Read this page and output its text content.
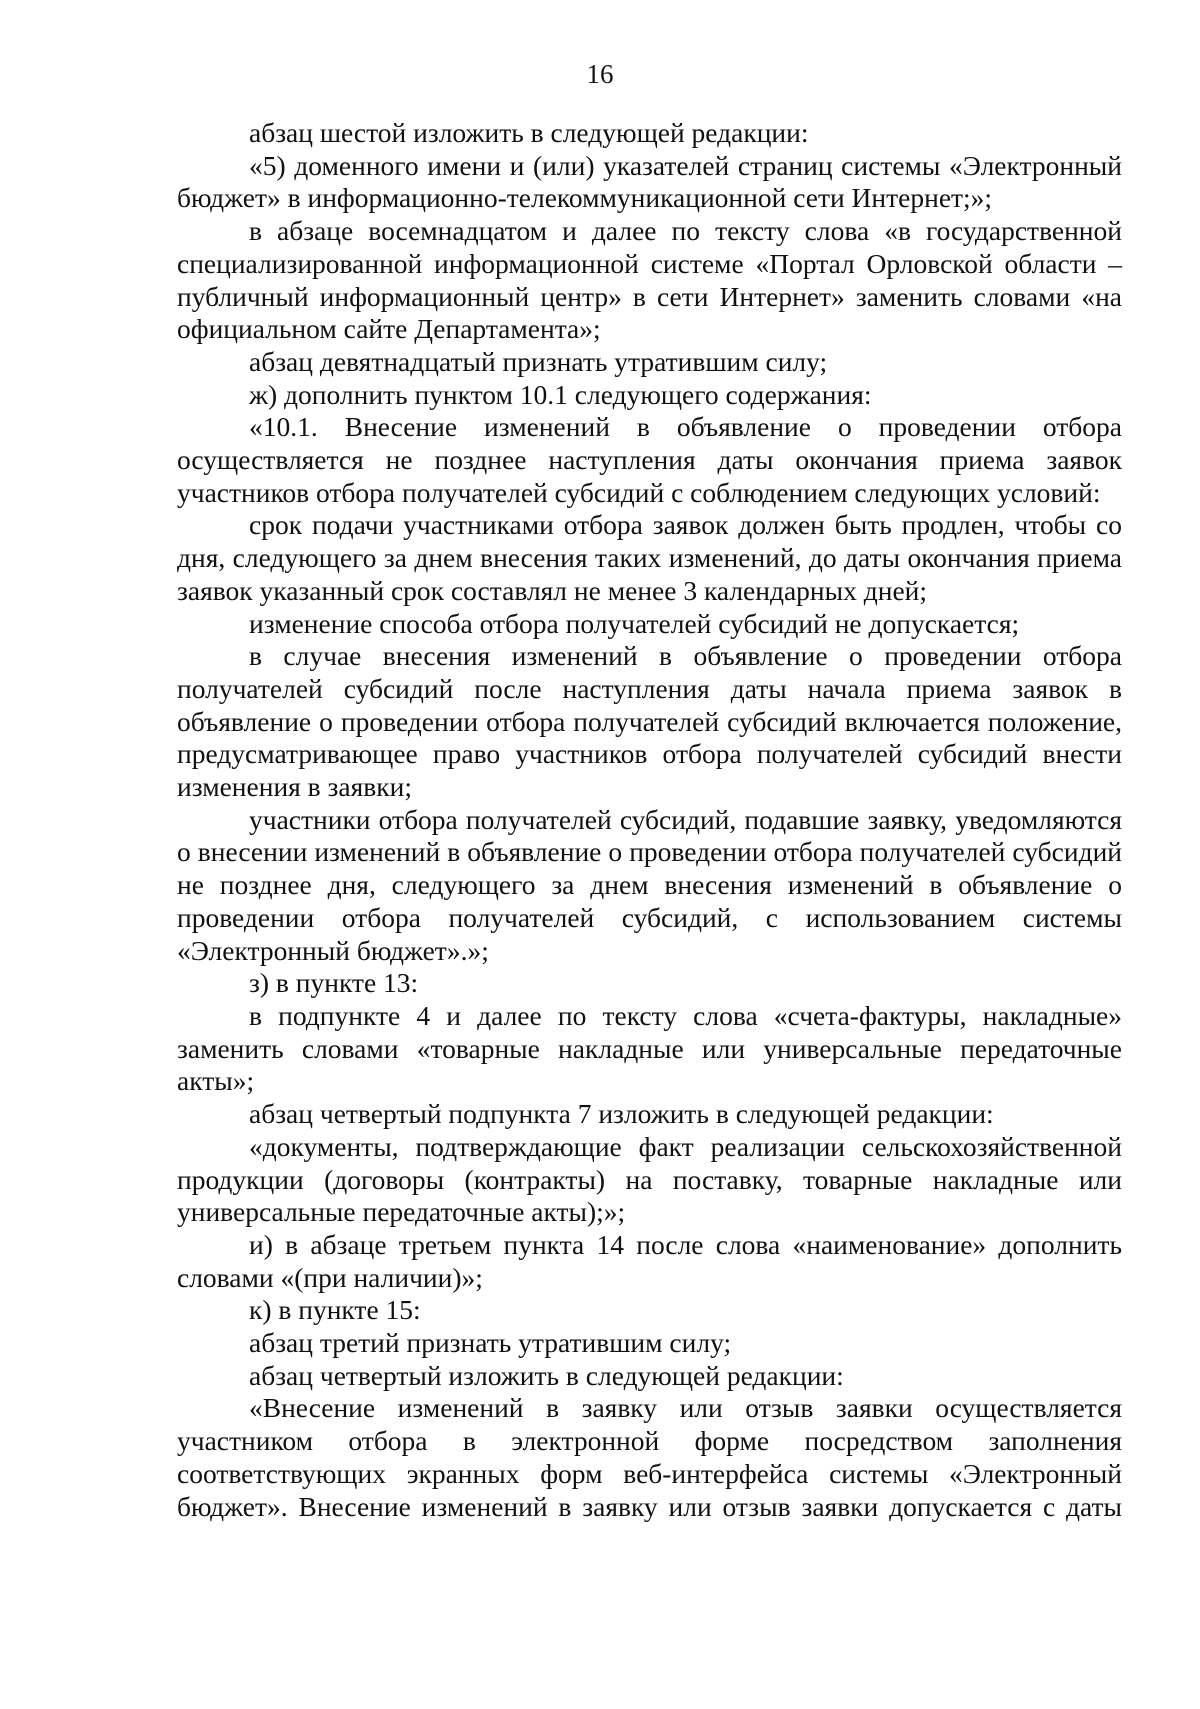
16

абзац шестой изложить в следующей редакции:

«5) доменного имени и (или) указателей страниц системы «Электронный бюджет» в информационно-телекоммуникационной сети Интернет;»;

в абзаце восемнадцатом и далее по тексту слова «в государственной специализированной информационной системе «Портал Орловской области – публичный информационный центр» в сети Интернет» заменить словами «на официальном сайте Департамента»;

абзац девятнадцатый признать утратившим силу;

ж) дополнить пунктом 10.1 следующего содержания:

«10.1. Внесение изменений в объявление о проведении отбора осуществляется не позднее наступления даты окончания приема заявок участников отбора получателей субсидий с соблюдением следующих условий:

срок подачи участниками отбора заявок должен быть продлен, чтобы со дня, следующего за днем внесения таких изменений, до даты окончания приема заявок указанный срок составлял не менее 3 календарных дней;

изменение способа отбора получателей субсидий не допускается;

в случае внесения изменений в объявление о проведении отбора получателей субсидий после наступления даты начала приема заявок в объявление о проведении отбора получателей субсидий включается положение, предусматривающее право участников отбора получателей субсидий внести изменения в заявки;

участники отбора получателей субсидий, подавшие заявку, уведомляются о внесении изменений в объявление о проведении отбора получателей субсидий не позднее дня, следующего за днем внесения изменений в объявление о проведении отбора получателей субсидий, с использованием системы «Электронный бюджет».»;

з) в пункте 13:

в подпункте 4 и далее по тексту слова «счета-фактуры, накладные» заменить словами «товарные накладные или универсальные передаточные акты»;

абзац четвертый подпункта 7 изложить в следующей редакции:

«документы, подтверждающие факт реализации сельскохозяйственной продукции (договоры (контракты) на поставку, товарные накладные или универсальные передаточные акты);»;

и) в абзаце третьем пункта 14 после слова «наименование» дополнить словами «(при наличии)»;

к) в пункте 15:

абзац третий признать утратившим силу;

абзац четвертый изложить в следующей редакции:

«Внесение изменений в заявку или отзыв заявки осуществляется участником отбора в электронной форме посредством заполнения соответствующих экранных форм веб-интерфейса системы «Электронный бюджет». Внесение изменений в заявку или отзыв заявки допускается с даты
